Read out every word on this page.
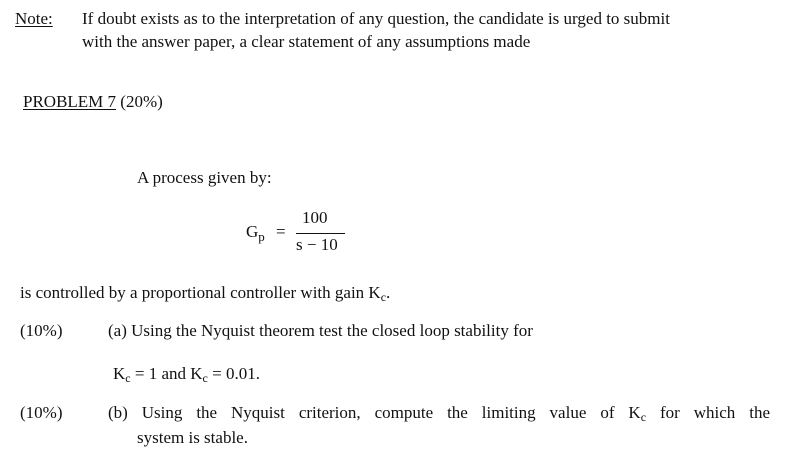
Note: If doubt exists as to the interpretation of any question, the candidate is urged to submit
with the answer paper, a clear statement of any assumptions made
PROBLEM 7 (20%)
A process given by:
$G_p$ =
100
s − 10
is controlled by a proportional controller with gain $K_c$.
(10%)	(a) Using the Nyquist theorem test the closed loop stability for
$K_c = 1$ and $K_c = 0.01$.
(10%)	(b) Using the Nyquist criterion, compute the limiting value of $K_c$ for which the
system is stable.
